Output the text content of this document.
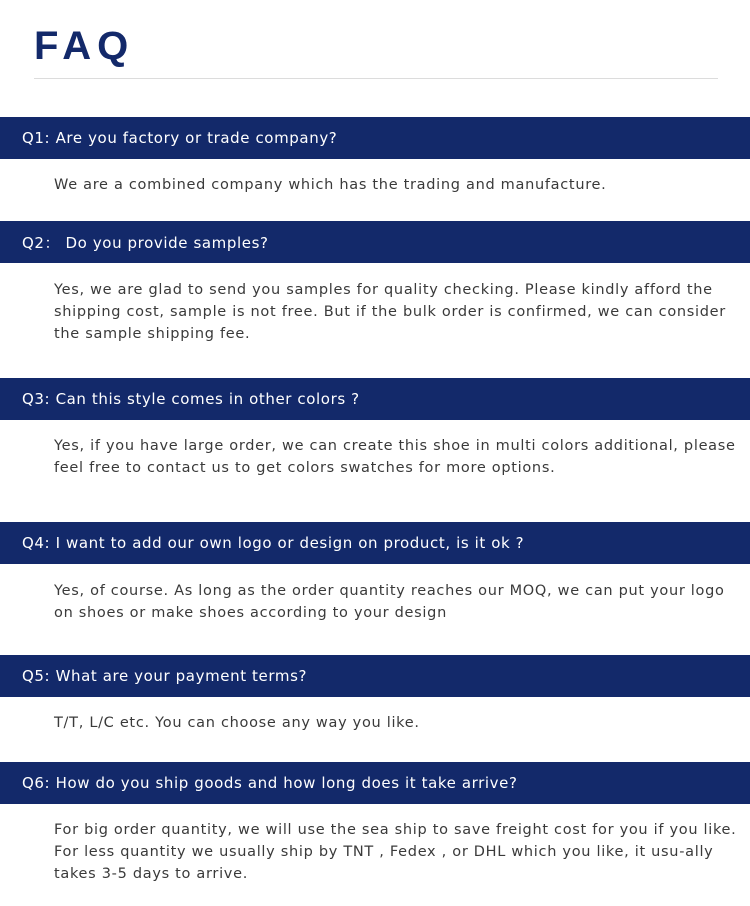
FAQ
Q1: Are you factory or trade company?

We are a combined company which has the trading and manufacture.

Q2： Do you provide samples?

Yes, we are glad to send you samples for quality checking. Please kindly afford the shipping cost, sample is not free. But if the bulk order is confirmed, we can consider the sample shipping fee.

Q3: Can this style comes in other colors ?

Yes, if you have large order, we can create this shoe in multi colors additional, please feel free to contact us to get colors swatches for more options.

Q4: I want to add our own logo or design on product, is it ok ?

Yes, of course. As long as the order quantity reaches our MOQ, we can put your logo on shoes or make shoes according to your design

Q5: What are your payment terms?

T/T, L/C etc. You can choose any way you like.

Q6: How do you ship goods and how long does it take arrive?

For big order quantity, we will use the sea ship to save freight cost for you if you like. For less quantity we usually ship by TNT , Fedex , or DHL which you like, it usu-ally takes 3-5 days to arrive.
